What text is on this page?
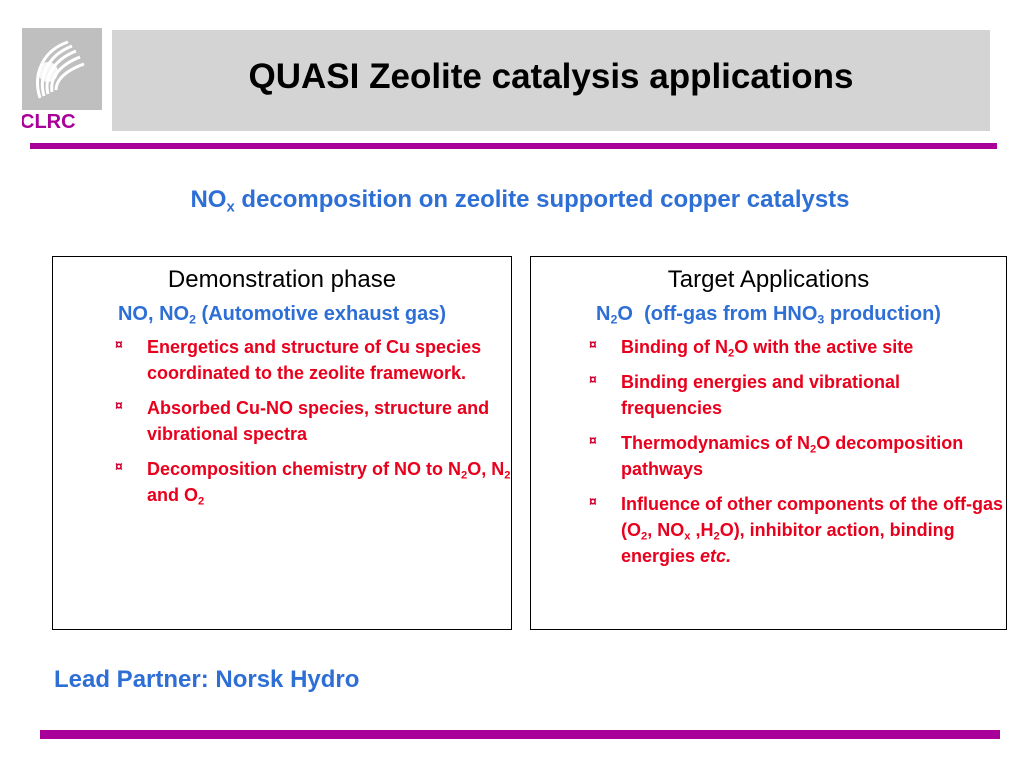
CLRC
QUASI Zeolite catalysis applications

$NO_x$ decomposition on zeolite supported copper catalysts

Demonstration phase

NO, $NO_2$ (Automotive exhaust gas)

¤	Energetics and structure of Cu species coordinated to the zeolite framework.
¤	Absorbed Cu-NO species, structure and vibrational spectra
¤	Decomposition chemistry of NO to $N_2O$, $N_2$ and $O_2$
Target Applications

$N_2O$  (off-gas from $HNO_3$ production)

¤	Binding of $N_2O$ with the active site
¤	Binding energies and vibrational frequencies
¤	Thermodynamics of $N_2O$ decomposition pathways
¤	Influence of other components of the off-gas ($O_2$, $NO_x$ $,H_2O$), inhibitor action, binding energies etc.

Lead Partner: Norsk Hydro
